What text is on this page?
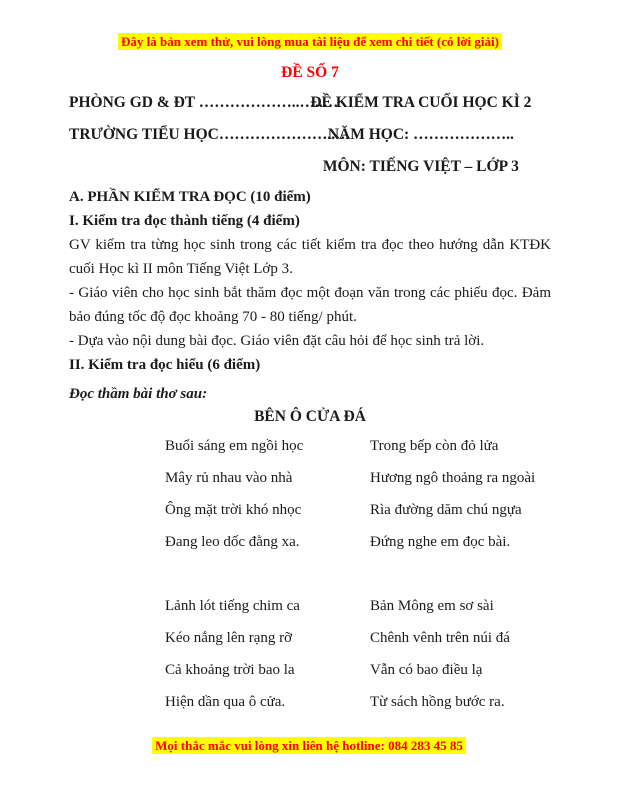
Đây là bản xem thử, vui lòng mua tài liệu để xem chi tiết (có lời giải)
ĐỀ SỐ 7
PHÒNG GD & ĐT ………………..…..…
ĐỀ KIỂM TRA CUỐI HỌC KÌ 2
TRƯỜNG TIỂU HỌC…………………..…
NĂM HỌC: ………………..
MÔN: TIẾNG VIỆT – LỚP 3
A. PHẦN KIỂM TRA ĐỌC (10 điểm)
I. Kiểm tra đọc thành tiếng (4 điểm)
GV kiểm tra từng học sinh trong các tiết kiểm tra đọc theo hướng dẫn KTĐK cuối Học kì II môn Tiếng Việt Lớp 3.
- Giáo viên cho học sinh bắt thăm đọc một đoạn văn trong các phiếu đọc. Đảm bảo đúng tốc độ đọc khoảng 70 - 80 tiếng/ phút.
- Dựa vào nội dung bài đọc. Giáo viên đặt câu hỏi để học sinh trả lời.
II. Kiểm tra đọc hiểu (6 điểm)
Đọc thầm bài thơ sau:
BÊN Ô CỬA ĐÁ
Buổi sáng em ngồi học	Trong bếp còn đỏ lửa
Mây rủ nhau vào nhà	Hương ngô thoảng ra ngoài
Ông mặt trời khó nhọc	Rìa đường dăm chú ngựa
Đang leo dốc đằng xa.	Đứng nghe em đọc bài.
Lảnh lót tiếng chim ca	Bản Mông em sơ sài
Kéo nắng lên rạng rỡ	Chênh vênh trên núi đá
Cả khoảng trời bao la	Vẫn có bao điều lạ
Hiện dần qua ô cửa.	Từ sách hồng bước ra.
Mọi thắc mắc vui lòng xin liên hệ hotline: 084 283 45 85
